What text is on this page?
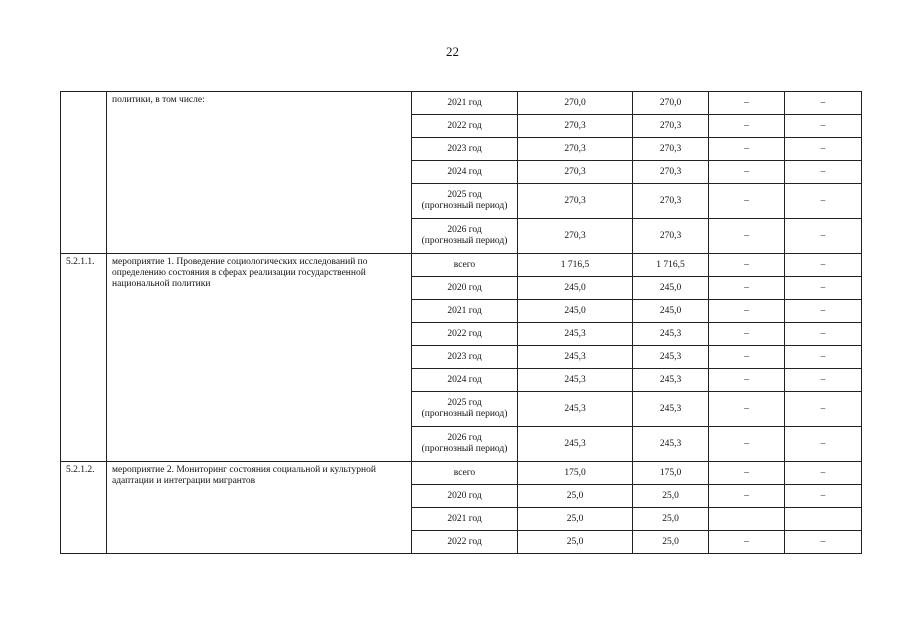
22
	политики, в том числе:	2021 год	270,0	270,0	–	–
		2022 год	270,3	270,3	–	–
		2023 год	270,3	270,3	–	–
		2024 год	270,3	270,3	–	–
		2025 год
(прогнозный период)	270,3	270,3	–	–
		2026 год
(прогнозный период)	270,3	270,3	–	–
5.2.1.1.	мероприятие 1. Проведение социологических исследований по определению состояния в сферах реализации государственной национальной политики	всего	1 716,5	1 716,5	–	–
		2020 год	245,0	245,0	–	–
		2021 год	245,0	245,0	–	–
		2022 год	245,3	245,3	–	–
		2023 год	245,3	245,3	–	–
		2024 год	245,3	245,3	–	–
		2025 год
(прогнозный период)	245,3	245,3	–	–
		2026 год
(прогнозный период)	245,3	245,3	–	–
5.2.1.2.	мероприятие 2. Мониторинг состояния социальной и культурной адаптации и интеграции мигрантов	всего	175,0	175,0	–	–
		2020 год	25,0	25,0	–	–
		2021 год	25,0	25,0		
		2022 год	25,0	25,0	–	–
